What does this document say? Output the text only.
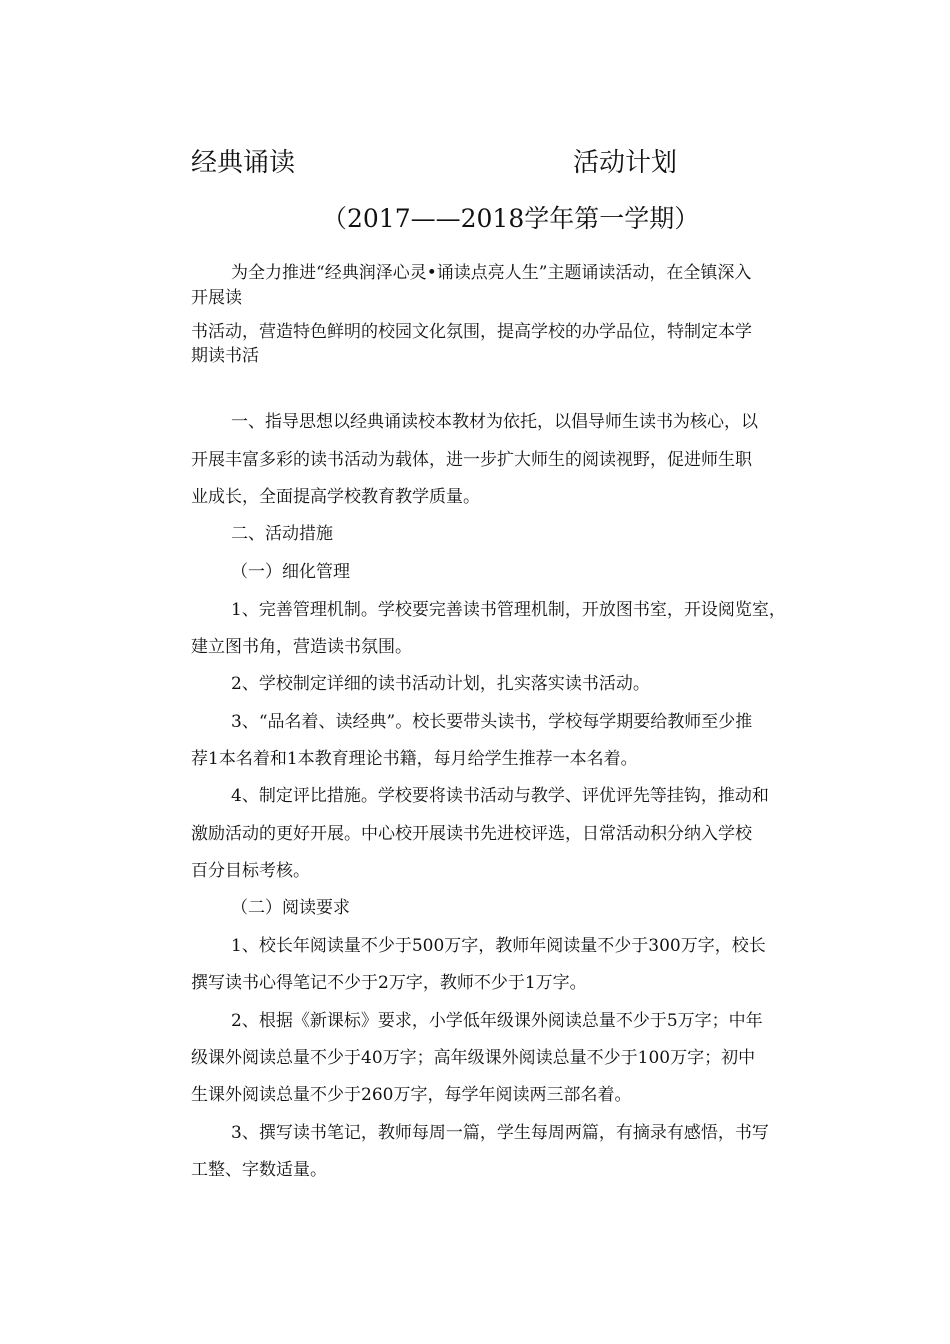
经典诵读	活动计划
（2017——2018学年第一学期）
为全力推进“经典润泽心灵•诵读点亮人生”主题诵读活动，在全镇深入
开展读
书活动，营造特色鲜明的校园文化氛围，提高学校的办学品位，特制定本学
期读书活
一、指导思想以经典诵读校本教材为依托，以倡导师生读书为核心，以
开展丰富多彩的读书活动为载体，进一步扩大师生的阅读视野，促进师生职
业成长，全面提高学校教育教学质量。
二、活动措施
（一）细化管理
1、完善管理机制。学校要完善读书管理机制，开放图书室，开设阅览室，
建立图书角，营造读书氛围。
2、学校制定详细的读书活动计划，扎实落实读书活动。
3、“品名着、读经典”。校长要带头读书，学校每学期要给教师至少推
荐1本名着和1本教育理论书籍，每月给学生推荐一本名着。
4、制定评比措施。学校要将读书活动与教学、评优评先等挂钩，推动和
激励活动的更好开展。中心校开展读书先进校评选，日常活动积分纳入学校
百分目标考核。
（二）阅读要求
1、校长年阅读量不少于500万字，教师年阅读量不少于300万字，校长
撰写读书心得笔记不少于2万字，教师不少于1万字。
2、根据《新课标》要求，小学低年级课外阅读总量不少于5万字；中年
级课外阅读总量不少于40万字；高年级课外阅读总量不少于100万字；初中
生课外阅读总量不少于260万字，每学年阅读两三部名着。
3、撰写读书笔记，教师每周一篇，学生每周两篇，有摘录有感悟，书写
工整、字数适量。
